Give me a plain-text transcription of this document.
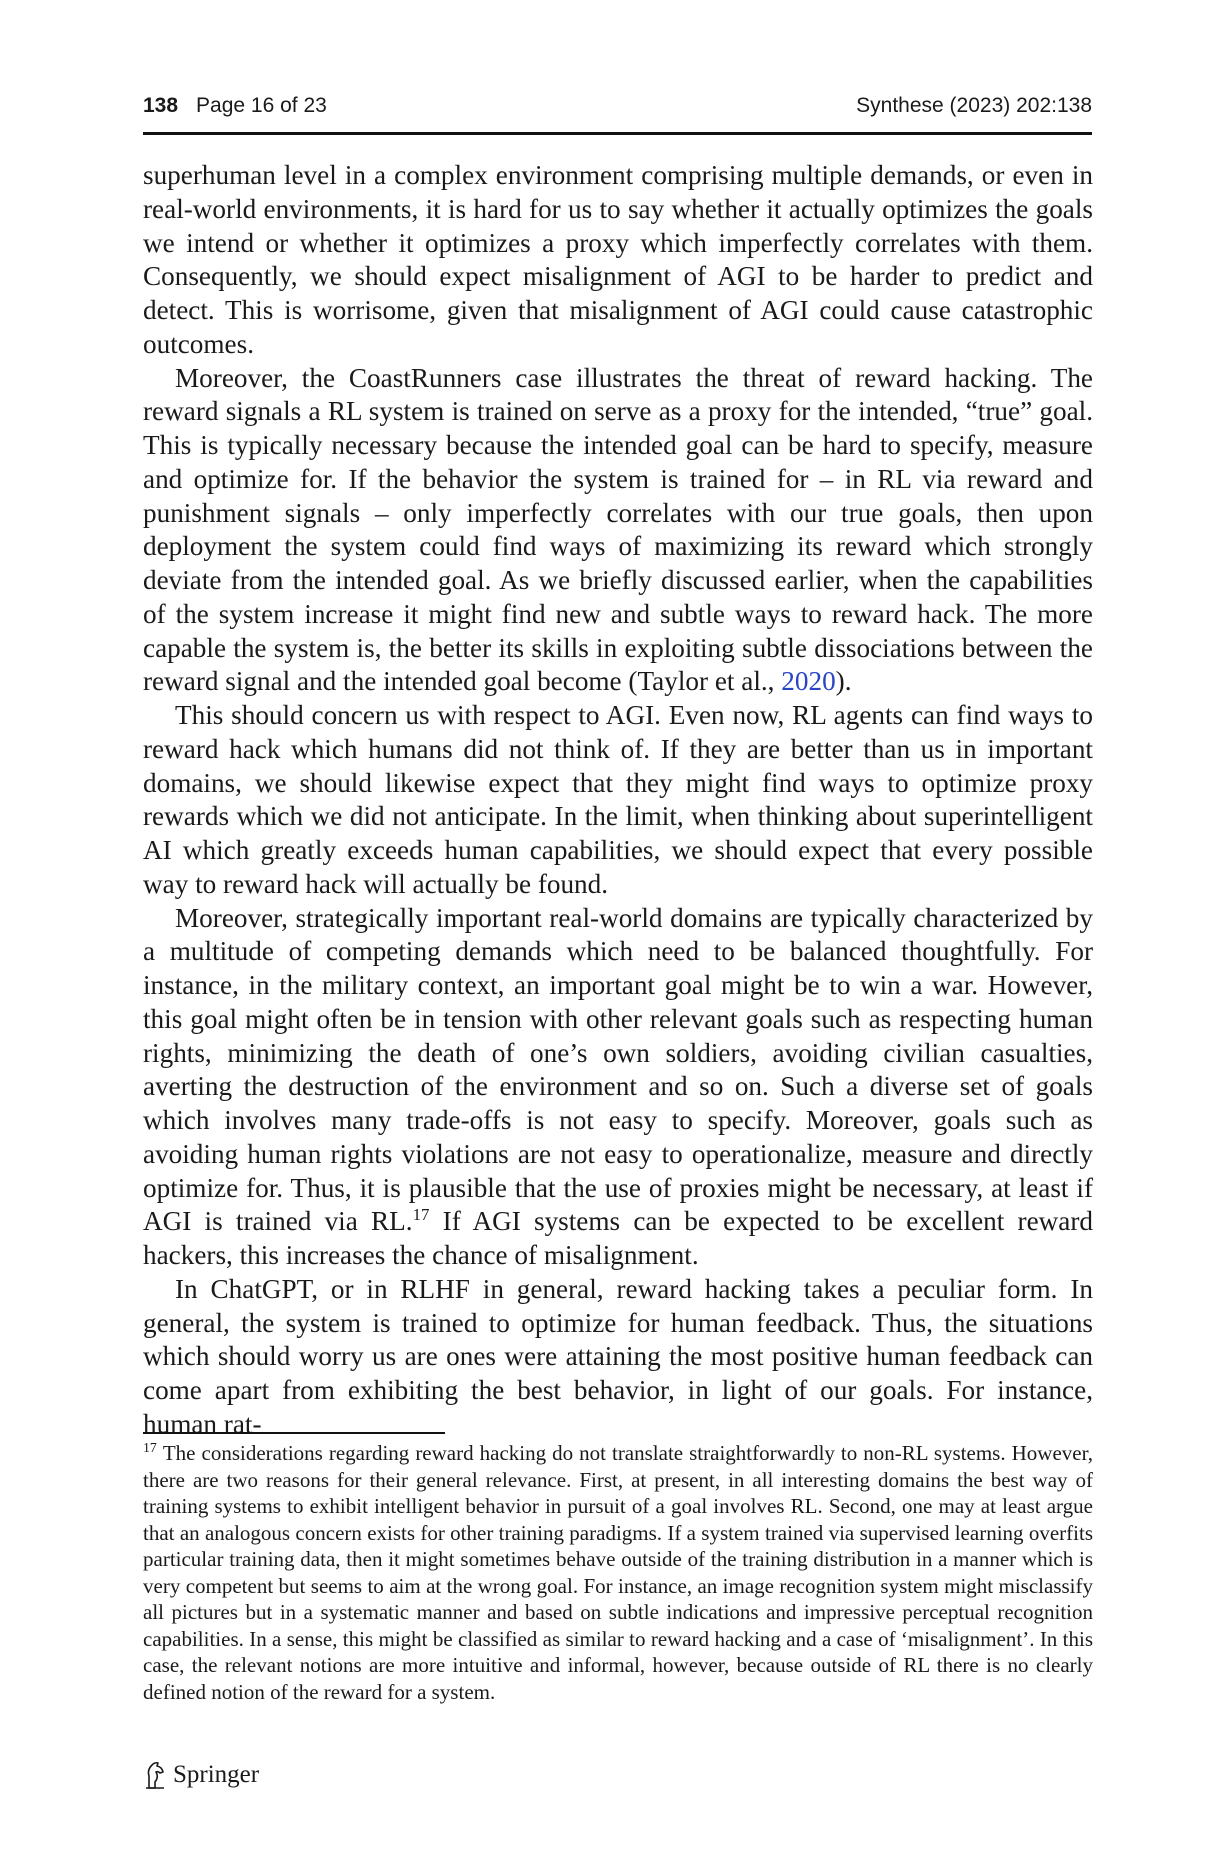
138 Page 16 of 23	Synthese (2023) 202:138

superhuman level in a complex environment comprising multiple demands, or even in real-world environments, it is hard for us to say whether it actually optimizes the goals we intend or whether it optimizes a proxy which imperfectly correlates with them. Consequently, we should expect misalignment of AGI to be harder to predict and detect. This is worrisome, given that misalignment of AGI could cause catastrophic outcomes.

Moreover, the CoastRunners case illustrates the threat of reward hacking. The reward signals a RL system is trained on serve as a proxy for the intended, “true” goal. This is typically necessary because the intended goal can be hard to specify, measure and optimize for. If the behavior the system is trained for – in RL via reward and punishment signals – only imperfectly correlates with our true goals, then upon deployment the system could find ways of maximizing its reward which strongly deviate from the intended goal. As we briefly discussed earlier, when the capabilities of the system increase it might find new and subtle ways to reward hack. The more capable the system is, the better its skills in exploiting subtle dissociations between the reward signal and the intended goal become (Taylor et al., 2020).

This should concern us with respect to AGI. Even now, RL agents can find ways to reward hack which humans did not think of. If they are better than us in important domains, we should likewise expect that they might find ways to optimize proxy rewards which we did not anticipate. In the limit, when thinking about superintelligent AI which greatly exceeds human capabilities, we should expect that every possible way to reward hack will actually be found.

Moreover, strategically important real-world domains are typically characterized by a multitude of competing demands which need to be balanced thoughtfully. For instance, in the military context, an important goal might be to win a war. However, this goal might often be in tension with other relevant goals such as respecting human rights, minimizing the death of one’s own soldiers, avoiding civilian casualties, averting the destruction of the environment and so on. Such a diverse set of goals which involves many trade-offs is not easy to specify. Moreover, goals such as avoiding human rights violations are not easy to operationalize, measure and directly optimize for. Thus, it is plausible that the use of proxies might be necessary, at least if AGI is trained via RL.$^{17}$ If AGI systems can be expected to be excellent reward hackers, this increases the chance of misalignment.

In ChatGPT, or in RLHF in general, reward hacking takes a peculiar form. In general, the system is trained to optimize for human feedback. Thus, the situations which should worry us are ones were attaining the most positive human feedback can come apart from exhibiting the best behavior, in light of our goals. For instance, human rat-

$^{17}$ The considerations regarding reward hacking do not translate straightforwardly to non-RL systems. However, there are two reasons for their general relevance. First, at present, in all interesting domains the best way of training systems to exhibit intelligent behavior in pursuit of a goal involves RL. Second, one may at least argue that an analogous concern exists for other training paradigms. If a system trained via supervised learning overfits particular training data, then it might sometimes behave outside of the training distribution in a manner which is very competent but seems to aim at the wrong goal. For instance, an image recognition system might misclassify all pictures but in a systematic manner and based on subtle indications and impressive perceptual recognition capabilities. In a sense, this might be classified as similar to reward hacking and a case of ‘misalignment’. In this case, the relevant notions are more intuitive and informal, however, because outside of RL there is no clearly defined notion of the reward for a system.
Springer
